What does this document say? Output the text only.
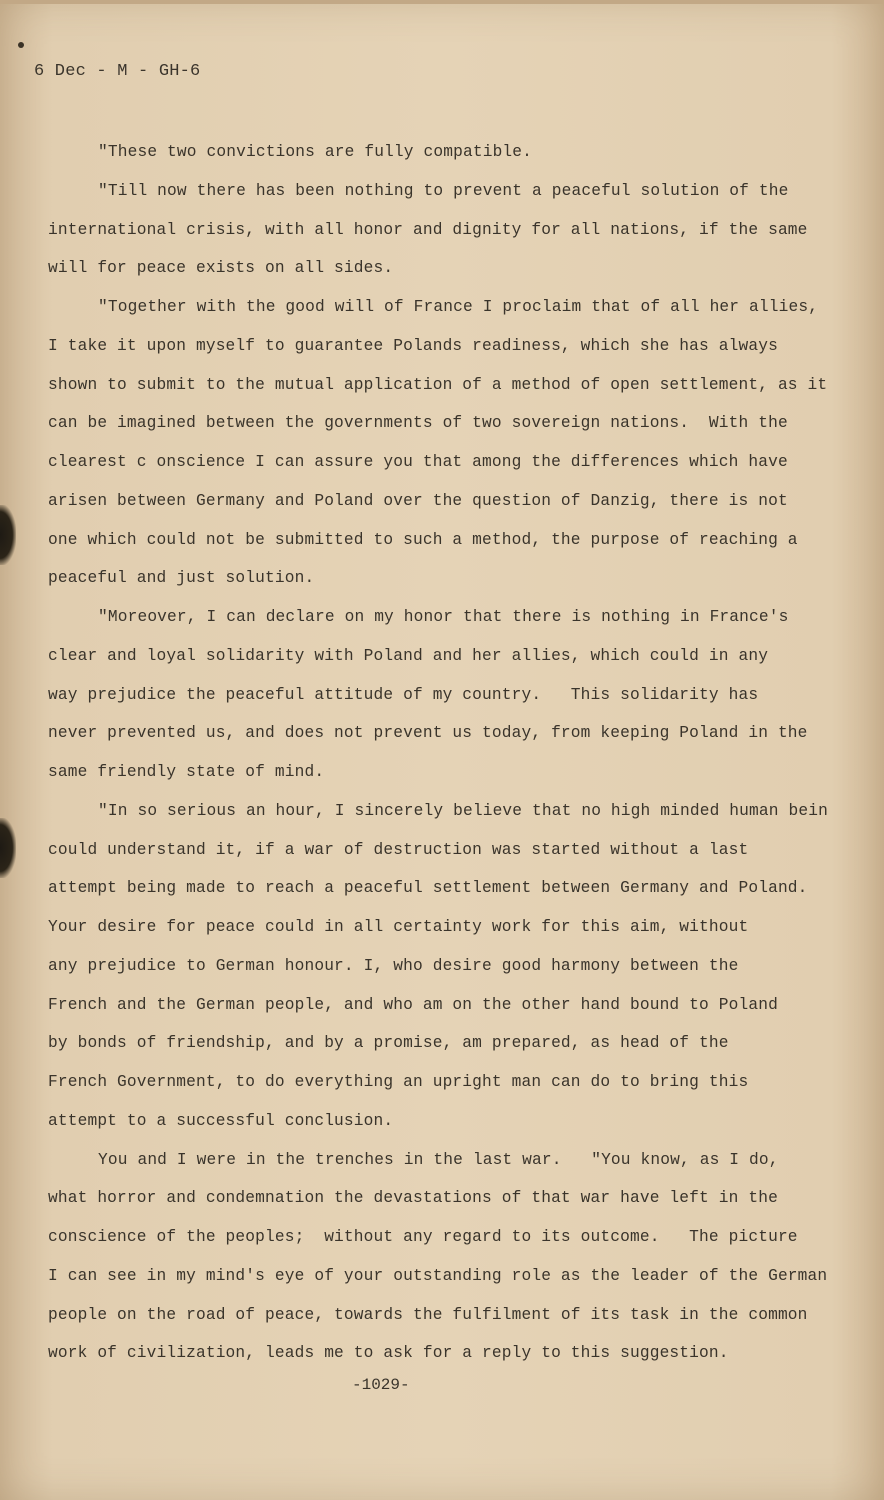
6 Dec - M - GH-6
"These two convictions are fully compatible.
"Till now there has been nothing to prevent a peaceful solution of the
international crisis, with all honor and dignity for all nations, if the same
will for peace exists on all sides.
"Together with the good will of France I proclaim that of all her allies,
I take it upon myself to guarantee Polands readiness, which she has always
shown to submit to the mutual application of a method of open settlement, as it
can be imagined between the governments of two sovereign nations.  With the
clearest c onscience I can assure you that among the differences which have
arisen between Germany and Poland over the question of Danzig, there is not
one which could not be submitted to such a method, the purpose of reaching a
peaceful and just solution.
"Moreover, I can declare on my honor that there is nothing in France's
clear and loyal solidarity with Poland and her allies, which could in any
way prejudice the peaceful attitude of my country.   This solidarity has
never prevented us, and does not prevent us today, from keeping Poland in the
same friendly state of mind.
"In so serious an hour, I sincerely believe that no high minded human bein
could understand it, if a war of destruction was started without a last
attempt being made to reach a peaceful settlement between Germany and Poland.
Your desire for peace could in all certainty work for this aim, without
any prejudice to German honour. I, who desire good harmony between the
French and the German people, and who am on the other hand bound to Poland
by bonds of friendship, and by a promise, am prepared, as head of the
French Government, to do everything an upright man can do to bring this
attempt to a successful conclusion.
You and I were in the trenches in the last war.   "You know, as I do,
what horror and condemnation the devastations of that war have left in the
conscience of the peoples;  without any regard to its outcome.   The picture
I can see in my mind's eye of your outstanding role as the leader of the German
people on the road of peace, towards the fulfilment of its task in the common
work of civilization, leads me to ask for a reply to this suggestion.
-1029-
